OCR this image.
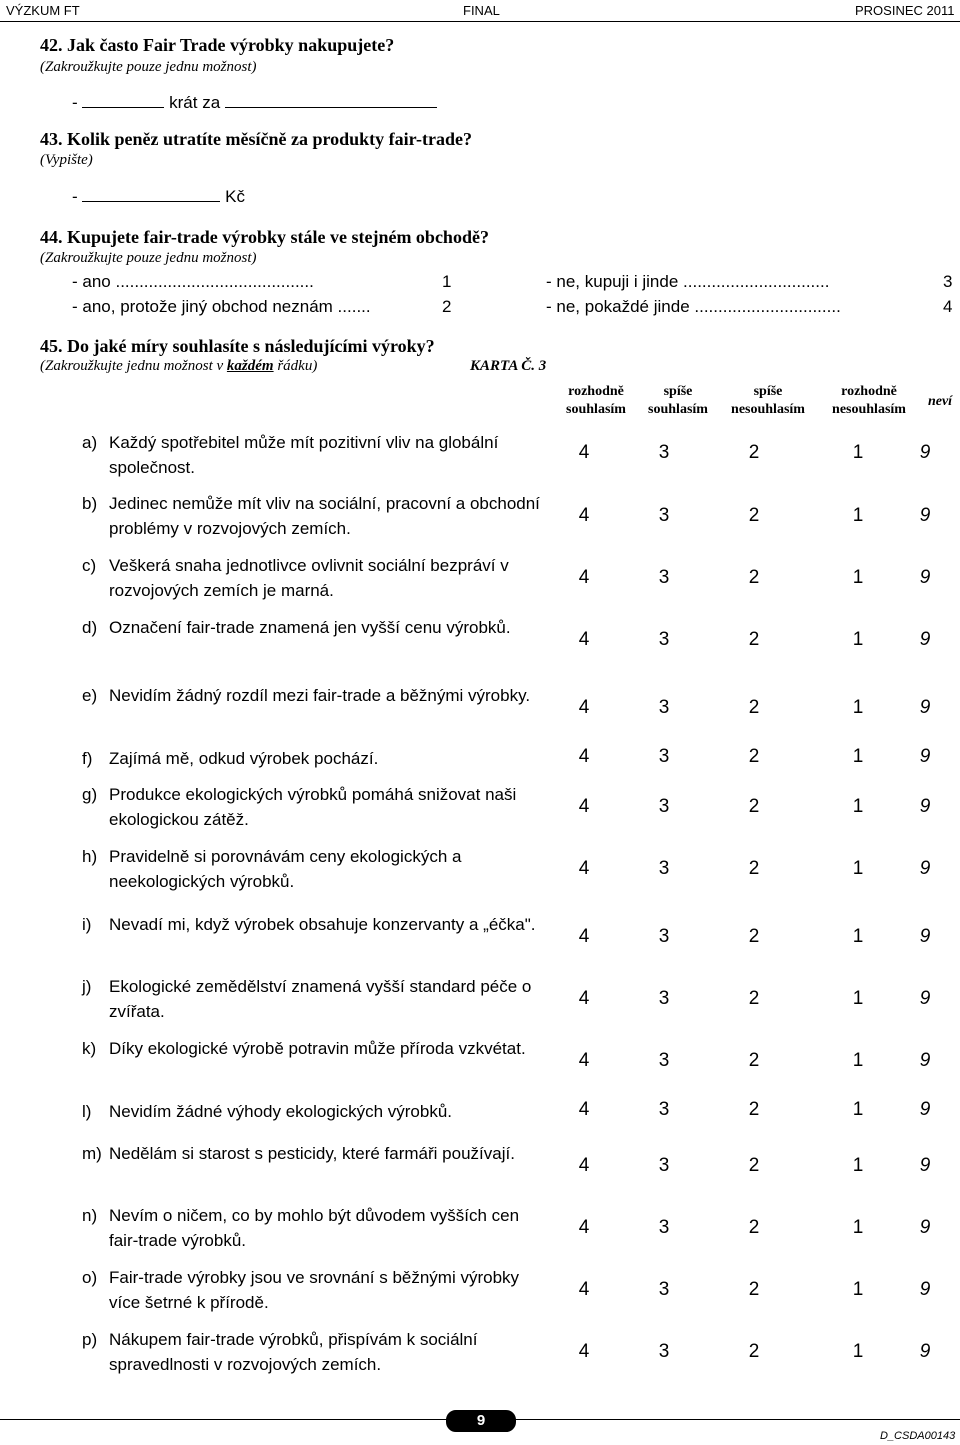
VÝZKUM FT	FINAL	PROSINEC 2011
42. Jak často Fair Trade výrobky nakupujete?
(Zakroužkujte pouze jednu možnost)
-	krát za
43. Kolik peněz utratíte měsíčně za produkty fair-trade?
(Vypište)
-	Kč
44. Kupujete fair-trade výrobky stále ve stejném obchodě?
(Zakroužkujte pouze jednu možnost)
- ano ..........................................	1
- ano, protože jiný obchod neznám .......	2
- ne, kupuji i jinde ...............................	3
- ne, pokaždé jinde ...............................	4
45. Do jaké míry souhlasíte s následujícími výroky?
(Zakroužkujte jednu možnost v každém řádku)	KARTA Č. 3
rozhodně
souhlasím
spíše
souhlasím
spíše
nesouhlasím
rozhodně
nesouhlasím
neví
a) Každý spotřebitel může mít pozitivní vliv na globální společnost.
4	3	2	1	9
b) Jedinec nemůže mít vliv na sociální, pracovní a obchodní problémy v rozvojových zemích.
4	3	2	1	9
c) Veškerá snaha jednotlivce ovlivnit sociální bezpráví v rozvojových zemích je marná.
4	3	2	1	9
d) Označení fair-trade znamená jen vyšší cenu výrobků.
4	3	2	1	9
e) Nevidím žádný rozdíl mezi fair-trade a běžnými výrobky.
4	3	2	1	9
f) Zajímá mě, odkud výrobek pochází.	4	3	2	1	9
g) Produkce ekologických výrobků pomáhá snižovat naši ekologickou zátěž.
4	3	2	1	9
h) Pravidelně si porovnávám ceny ekologických a neekologických výrobků.
4	3	2	1	9
i) Nevadí mi, když výrobek obsahuje konzervanty a „éčka".
4	3	2	1	9
j) Ekologické zemědělství znamená vyšší standard péče o zvířata.
4	3	2	1	9
k) Díky ekologické výrobě potravin může příroda vzkvétat.
4	3	2	1	9
l) Nevidím žádné výhody ekologických výrobků.	4	3	2	1	9
m) Nedělám si starost s pesticidy, které farmáři používají.
4	3	2	1	9
n) Nevím o ničem, co by mohlo být důvodem vyšších cen fair-trade výrobků.
4	3	2	1	9
o) Fair-trade výrobky jsou ve srovnání s běžnými výrobky více šetrné k přírodě.
4	3	2	1	9
p) Nákupem fair-trade výrobků, přispívám k sociální spravedlnosti v rozvojových zemích.
4	3	2	1	9
9
D_CSDA00143
